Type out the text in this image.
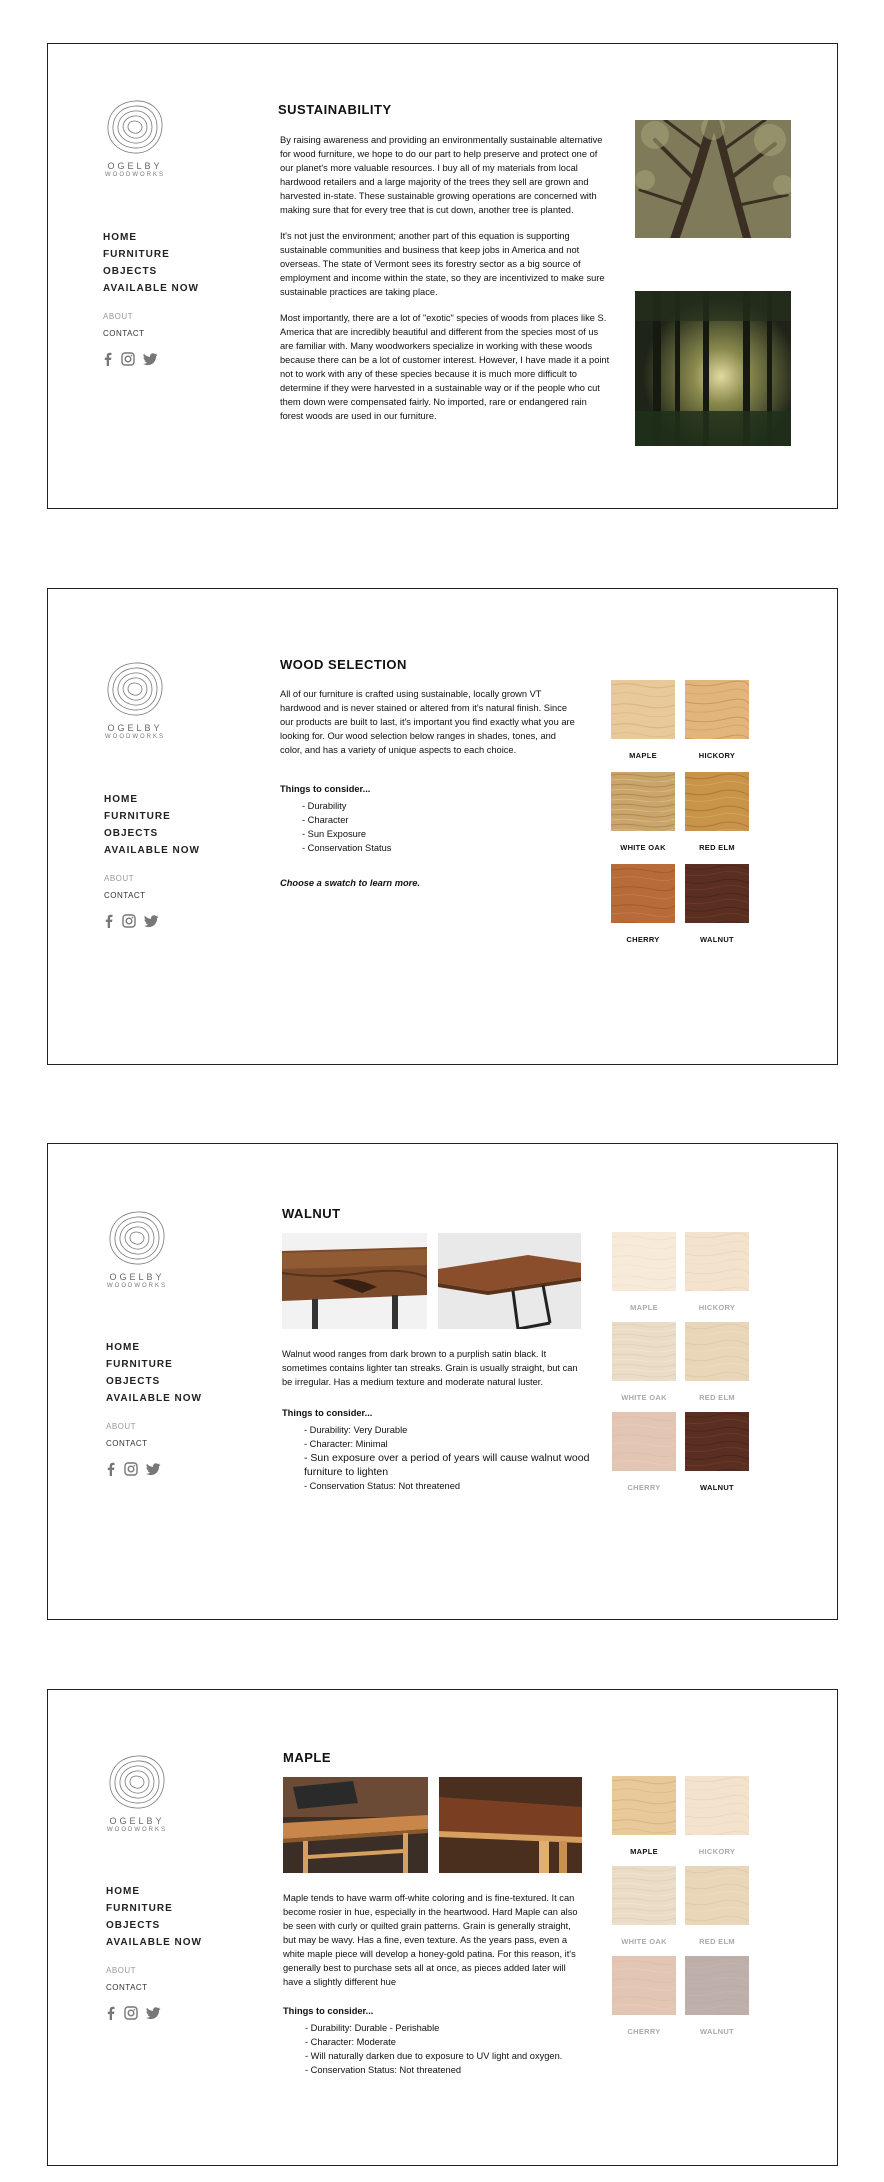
OGELBY
WOODWORKS
HOME
FURNITURE
OBJECTS
AVAILABLE NOW
ABOUT
CONTACT
SUSTAINABILITY

By raising awareness and providing an environmentally sustainable alternative for wood furniture, we hope to do our part to help preserve and protect one of our planet's more valuable resources. I buy all of my materials from local hardwood retailers and a large majority of the trees they sell are grown and harvested in-state. These sustainable growing operations are concerned with making sure that for every tree that is cut down, another tree is planted.

It's not just the environment; another part of this equation is supporting sustainable communities and business that keep jobs in America and not overseas. The state of Vermont sees its forestry sector as a big source of employment and income within the state, so they are incentivized to make sure sustainable practices are taking place.

Most importantly, there are a lot of "exotic" species of woods from places like S. America that are incredibly beautiful and different from the species most of us are familiar with. Many woodworkers specialize in working with these woods because there can be a lot of customer interest. However, I have made it a point not to work with any of these species because it is much more difficult to determine if they were harvested in a sustainable way or if the people who cut them down were compensated fairly. No imported, rare or endangered rain forest woods are used in our furniture.

OGELBY
WOODWORKS
HOME
FURNITURE
OBJECTS
AVAILABLE NOW
ABOUT
CONTACT
WOOD SELECTION

All of our furniture is crafted using sustainable, locally grown VT hardwood and is never stained or altered from it's natural finish. Since our products are built to last, it's important you find exactly what you are looking for. Our wood selection below ranges in shades, tones, and color, and has a variety of unique aspects to each choice.

Things to consider...
- Durability
- Character
- Sun Exposure
- Conservation Status
Choose a swatch to learn more.
MAPLE	HICKORY
WHITE OAK	RED ELM
CHERRY	WALNUT
OGELBY
WOODWORKS
HOME
FURNITURE
OBJECTS
AVAILABLE NOW
ABOUT
CONTACT
WALNUT

Walnut wood ranges from dark brown to a purplish satin black. It sometimes contains lighter tan streaks. Grain is usually straight, but can be irregular. Has a medium texture and moderate natural luster.

Things to consider...
- Durability: Very Durable
- Character: Minimal
- Sun exposure over a period of years will cause walnut wood furniture to lighten
- Conservation Status: Not threatened
MAPLE	HICKORY
WHITE OAK	RED ELM
CHERRY	WALNUT
OGELBY
WOODWORKS
HOME
FURNITURE
OBJECTS
AVAILABLE NOW
ABOUT
CONTACT
MAPLE

Maple tends to have warm off-white coloring and is fine-textured. It can become rosier in hue, especially in the heartwood. Hard Maple can also be seen with curly or quilted grain patterns. Grain is generally straight, but may be wavy. Has a fine, even texture. As the years pass, even a white maple piece will develop a honey-gold patina. For this reason, it's generally best to purchase sets all at once, as pieces added later will have a slightly different hue

Things to consider...
- Durability: Durable - Perishable
- Character: Moderate
- Will naturally darken due to exposure to UV light and oxygen.
- Conservation Status: Not threatened
MAPLE	HICKORY
WHITE OAK	RED ELM
CHERRY	WALNUT
